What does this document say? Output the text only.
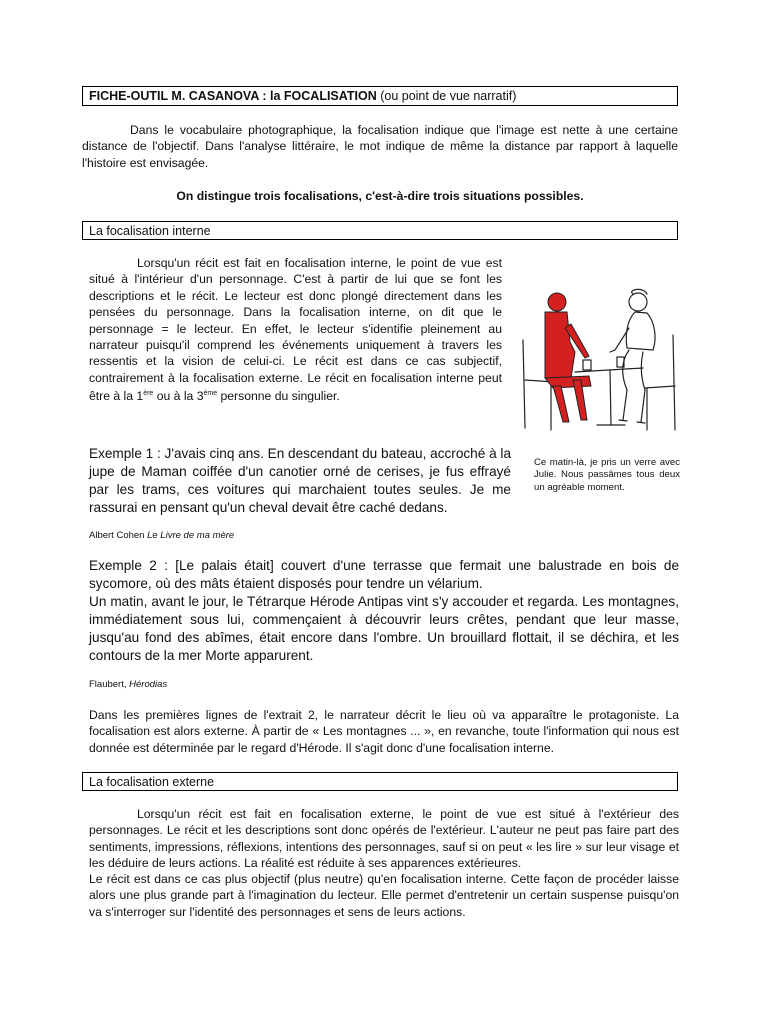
FICHE-OUTIL M. CASANOVA : la FOCALISATION (ou point de vue narratif)
Dans le vocabulaire photographique, la focalisation indique que l'image est nette à une certaine distance de l'objectif. Dans l'analyse littéraire, le mot indique de même la distance par rapport à laquelle l'histoire est envisagée.
On distingue trois focalisations, c'est-à-dire trois situations possibles.
La focalisation interne
Lorsqu'un récit est fait en focalisation interne, le point de vue est situé à l'intérieur d'un personnage. C'est à partir de lui que se font les descriptions et le récit. Le lecteur est donc plongé directement dans les pensées du personnage. Dans la focalisation interne, on dit que le personnage = le lecteur. En effet, le lecteur s'identifie pleinement au narrateur puisqu'il comprend les événements uniquement à travers les ressentis et la vision de celui-ci. Le récit est dans ce cas subjectif, contrairement à la focalisation externe. Le récit en focalisation interne peut être à la 1ère ou à la 3ème personne du singulier.
Ce matin-là, je pris un verre avec Julie. Nous passâmes tous deux un agréable moment.
Exemple 1 : J'avais cinq ans. En descendant du bateau, accroché à la jupe de Maman coiffée d'un canotier orné de cerises, je fus effrayé par les trams, ces voitures qui marchaient toutes seules. Je me rassurai en pensant qu'un cheval devait être caché dedans.
Albert Cohen Le Livre de ma mère
Exemple 2 : [Le palais était] couvert d'une terrasse que fermait une balustrade en bois de sycomore, où des mâts étaient disposés pour tendre un vélarium.
Un matin, avant le jour, le Tétrarque Hérode Antipas vint s'y accouder et regarda. Les montagnes, immédiatement sous lui, commençaient à découvrir leurs crêtes, pendant que leur masse, jusqu'au fond des abîmes, était encore dans l'ombre. Un brouillard flottait, il se déchira, et les contours de la mer Morte apparurent.
Flaubert, Hérodias
Dans les premières lignes de l'extrait 2, le narrateur décrit le lieu où va apparaître le protagoniste. La focalisation est alors externe. À partir de « Les montagnes ... », en revanche, toute l'information qui nous est donnée est déterminée par le regard d'Hérode. Il s'agit donc d'une focalisation interne.
La focalisation externe
Lorsqu'un récit est fait en focalisation externe, le point de vue est situé à l'extérieur des personnages. Le récit et les descriptions sont donc opérés de l'extérieur. L'auteur ne peut pas faire part des sentiments, impressions, réflexions, intentions des personnages, sauf si on peut « les lire » sur leur visage et les déduire de leurs actions. La réalité est réduite à ses apparences extérieures.
Le récit est dans ce cas plus objectif (plus neutre) qu'en focalisation interne. Cette façon de procéder laisse alors une plus grande part à l'imagination du lecteur. Elle permet d'entretenir un certain suspense puisqu'on va s'interroger sur l'identité des personnages et sens de leurs actions.
